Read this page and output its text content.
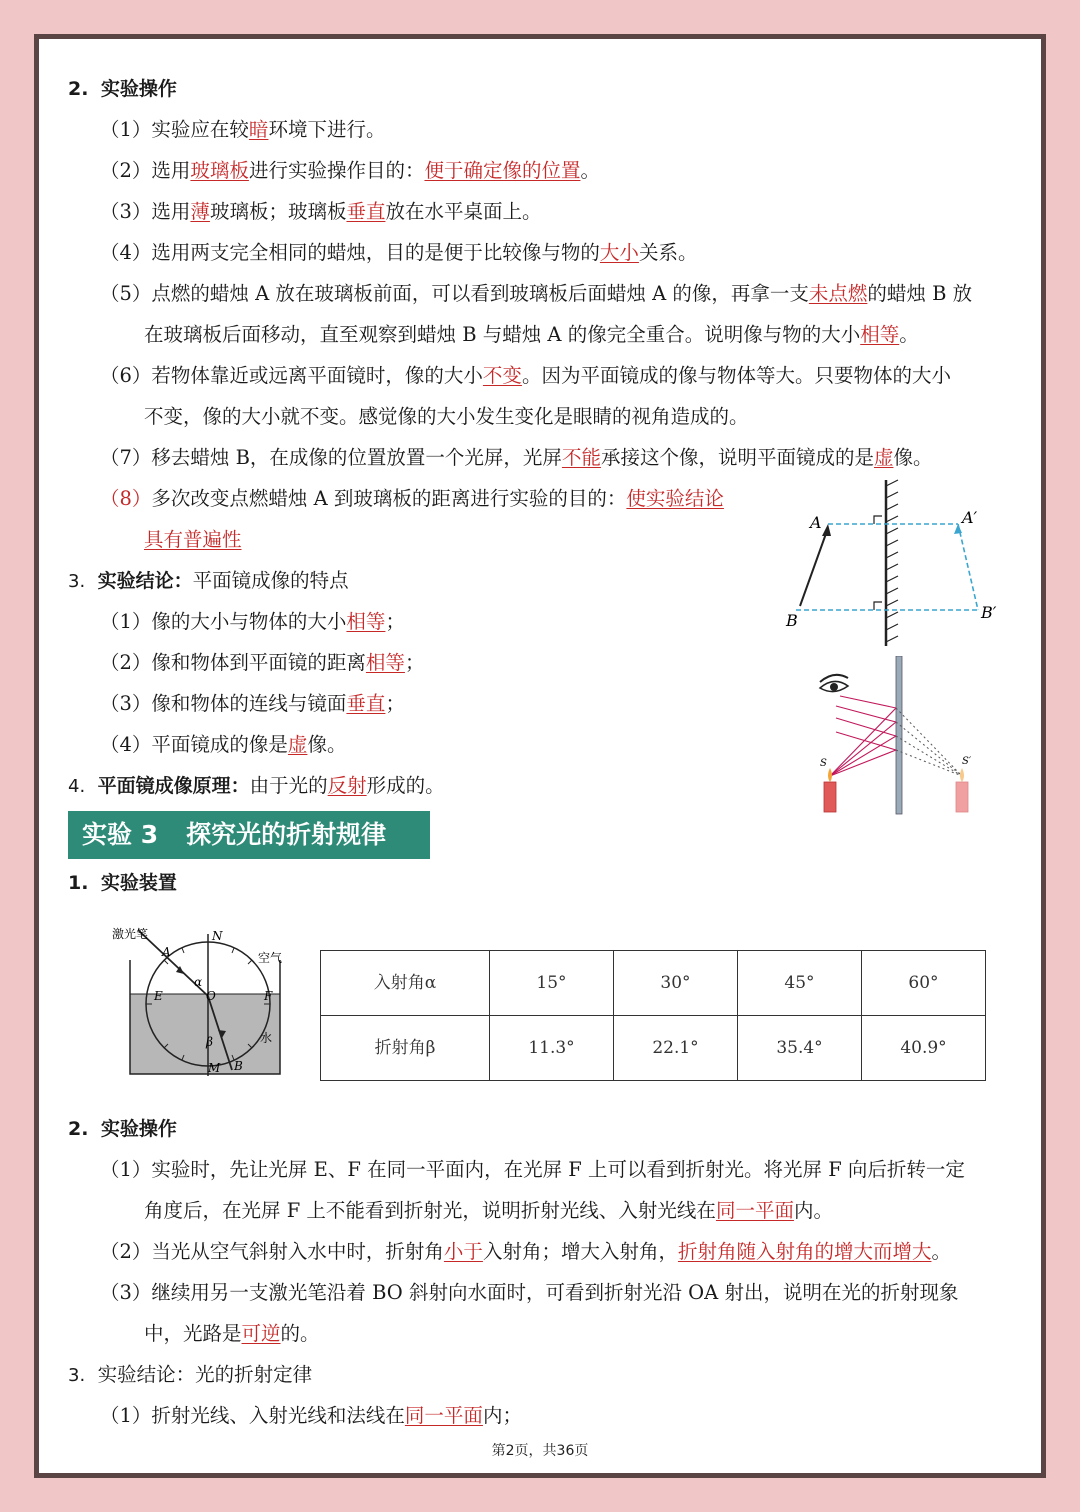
2. 实验操作
（1）实验应在较暗环境下进行。
（2）选用玻璃板进行实验操作目的：便于确定像的位置。
（3）选用薄玻璃板；玻璃板垂直放在水平桌面上。
（4）选用两支完全相同的蜡烛，目的是便于比较像与物的大小关系。
（5）点燃的蜡烛 A 放在玻璃板前面，可以看到玻璃板后面蜡烛 A 的像，再拿一支未点燃的蜡烛 B 放
在玻璃板后面移动，直至观察到蜡烛 B 与蜡烛 A 的像完全重合。说明像与物的大小相等。
（6）若物体靠近或远离平面镜时，像的大小不变。因为平面镜成的像与物体等大。只要物体的大小
不变，像的大小就不变。感觉像的大小发生变化是眼睛的视角造成的。
（7）移去蜡烛 B，在成像的位置放置一个光屏，光屏不能承接这个像，说明平面镜成的是虚像。
（8）多次改变点燃蜡烛 A 到玻璃板的距离进行实验的目的：使实验结论
具有普遍性
3. 实验结论：平面镜成像的特点
（1）像的大小与物体的大小相等；
（2）像和物体到平面镜的距离相等；
（3）像和物体的连线与镜面垂直；
（4）平面镜成的像是虚像。
4. 平面镜成像原理：由于光的反射形成的。
实验 3 探究光的折射规律
1. 实验装置
入射角α	15°	30°	45°	60°
折射角β	11.3°	22.1°	35.4°	40.9°
2. 实验操作
（1）实验时，先让光屏 E、F 在同一平面内，在光屏 F 上可以看到折射光。将光屏 F 向后折转一定
角度后，在光屏 F 上不能看到折射光，说明折射光线、入射光线在同一平面内。
（2）当光从空气斜射入水中时，折射角小于入射角；增大入射角，折射角随入射角的增大而增大。
（3）继续用另一支激光笔沿着 BO 斜射向水面时，可看到折射光沿 OA 射出，说明在光的折射现象
中，光路是可逆的。
3. 实验结论：光的折射定律
（1）折射光线、入射光线和法线在同一平面内；
A	A′
B	B′
S	S′
激光笔
空气
水
N
A
E	F
O
α
β
M B
第2页，共36页
